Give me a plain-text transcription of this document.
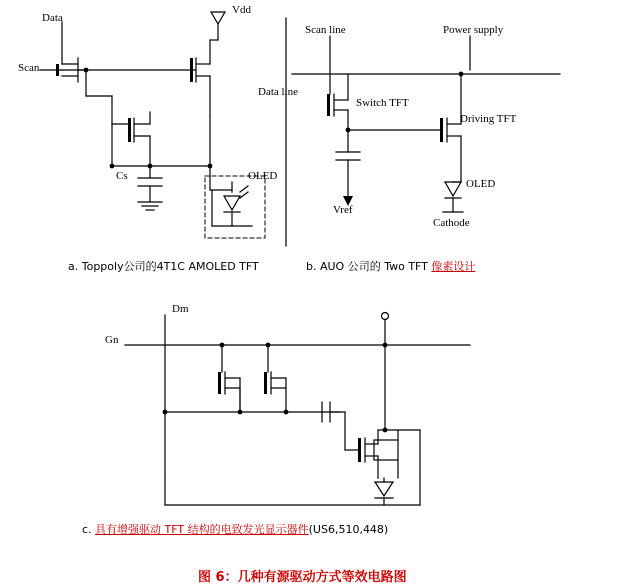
Data
Vdd
Scan
Cs	OLED
Scan line	Power supply
Data line
Switch TFT
Driving TFT
OLED
Vref
Cathode
Dm
Gn
a. Toppoly公司的4T1C AMOLED TFT	b. AUO 公司的 Two TFT 像素设计
c. 具有增强驱动 TFT 结构的电致发光显示器件(US6,510,448)
图 6：几种有源驱动方式等效电路图
